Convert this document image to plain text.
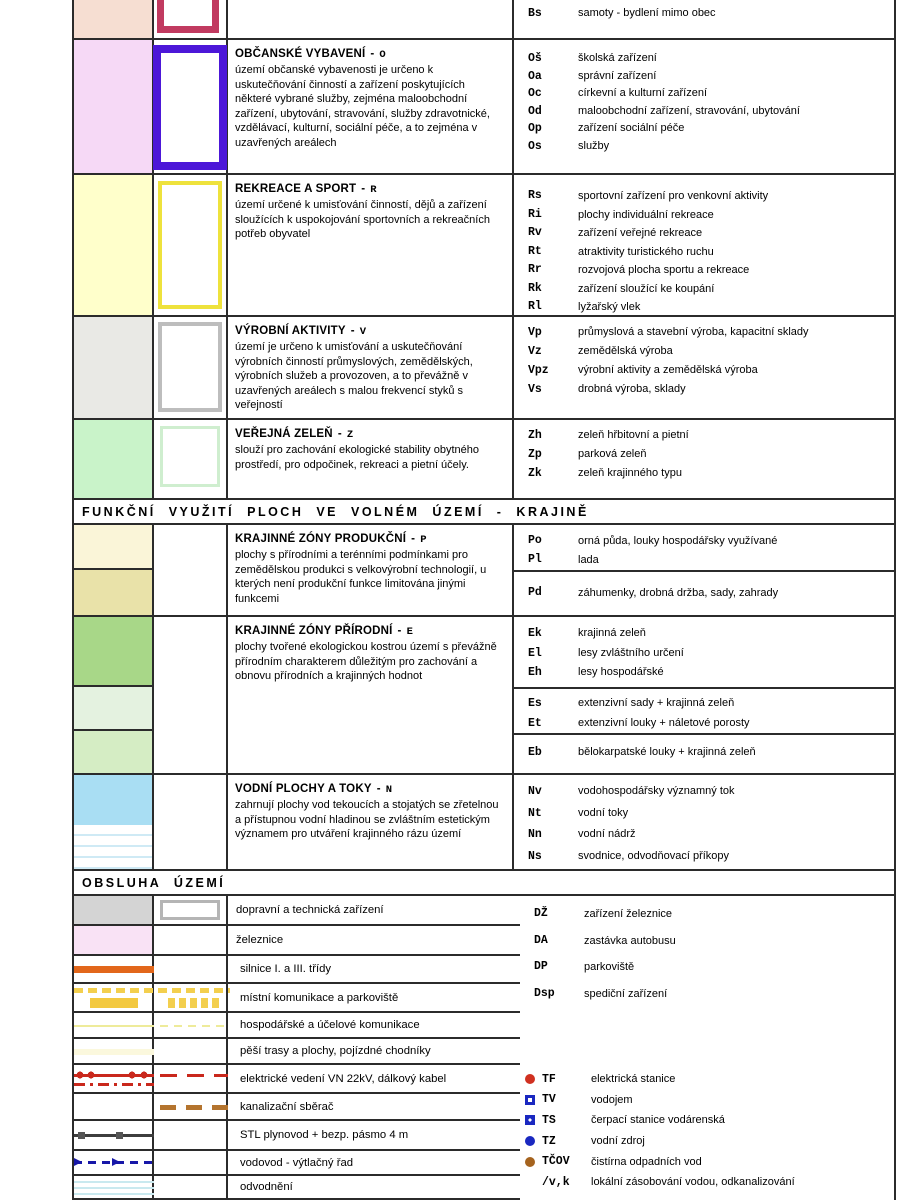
Bs	samoty - bydlení mimo obec
OBČANSKÉ VYBAVENÍ - O
území občanské vybavenosti je určeno k uskutečňování činností a zařízení poskytujících některé vybrané služby, zejména maloobchodní zařízení, ubytování, stravování, služby zdravotnické, vzdělávací, kulturní, sociální péče, a to zejména v uzavřených areálech
Oš	školská zařízení
Oa	správní zařízení
Oc	církevní a kulturní zařízení
Od	maloobchodní zařízení, stravování, ubytování
Op	zařízení sociální péče
Os	služby
REKREACE A SPORT - R
území určené k umisťování činností, dějů a zařízení sloužících k uspokojování sportovních a rekreačních potřeb obyvatel
Rs	sportovní zařízení pro venkovní aktivity
Ri	plochy individuální rekreace
Rv	zařízení veřejné rekreace
Rt	atraktivity turistického ruchu
Rr	rozvojová plocha sportu a rekreace
Rk	zařízení sloužící ke koupání
Rl	lyžařský vlek
VÝROBNÍ AKTIVITY - V
území je určeno k umisťování a uskutečňování výrobních činností průmyslových, zemědělských, výrobních služeb a provozoven, a to převážně v uzavřených areálech s malou frekvencí styků s veřejností
Vp	průmyslová a stavební výroba, kapacitní sklady
Vz	zemědělská výroba
Vpz	výrobní aktivity a zemědělská výroba
Vs	drobná výroba, sklady
VEŘEJNÁ ZELEŇ - Z
slouží pro zachování ekologické stability obytného prostředí, pro odpočinek, rekreaci a pietní účely.
Zh	zeleň hřbitovní a pietní
Zp	parková zeleň
Zk	zeleň krajinného typu
FUNKČNÍ VYUŽITÍ PLOCH VE VOLNÉM ÚZEMÍ - KRAJINĚ
KRAJINNÉ ZÓNY PRODUKČNÍ - P
plochy s přírodními a terénními podmínkami pro zemědělskou produkci s velkovýrobní technologií, u kterých není produkční funkce limitována jinými funkcemi
Po	orná půda, louky hospodářsky využívané
Pl	lada
Pd	záhumenky, drobná držba, sady, zahrady
KRAJINNÉ ZÓNY PŘÍRODNÍ - E
plochy tvořené ekologickou kostrou území s převážně přírodním charakterem důležitým pro zachování a obnovu přírodních a krajinných hodnot
Ek	krajinná zeleň
El	lesy zvláštního určení
Eh	lesy hospodářské
Es	extenzivní sady + krajinná zeleň
Et	extenzivní louky + náletové porosty
Eb	bělokarpatské louky + krajinná zeleň
VODNÍ PLOCHY A TOKY - N
zahrnují plochy vod tekoucích a stojatých se zřetelnou a přístupnou vodní hladinou se zvláštním estetickým významem pro utváření krajinného rázu území
Nv	vodohospodářsky významný tok
Nt	vodní toky
Nn	vodní nádrž
Ns	svodnice, odvodňovací příkopy
OBSLUHA ÚZEMÍ
dopravní a technická zařízení
železnice
silnice I. a III. třídy
místní komunikace a parkoviště
hospodářské a účelové komunikace
pěší trasy a plochy, pojízdné chodníky
elektrické vedení VN 22kV, dálkový kabel
kanalizační sběrač
STL plynovod + bezp. pásmo 4 m
vodovod - výtlačný řad
odvodnění
DŽ	zařízení železnice
DA	zastávka autobusu
DP	parkoviště
Dsp	spediční zařízení
TF	elektrická stanice
TV	vodojem
TS	čerpací stanice vodárenská
TZ	vodní zdroj
TČOV	čistírna odpadních vod
/v,k	lokální zásobování vodou, odkanalizování
